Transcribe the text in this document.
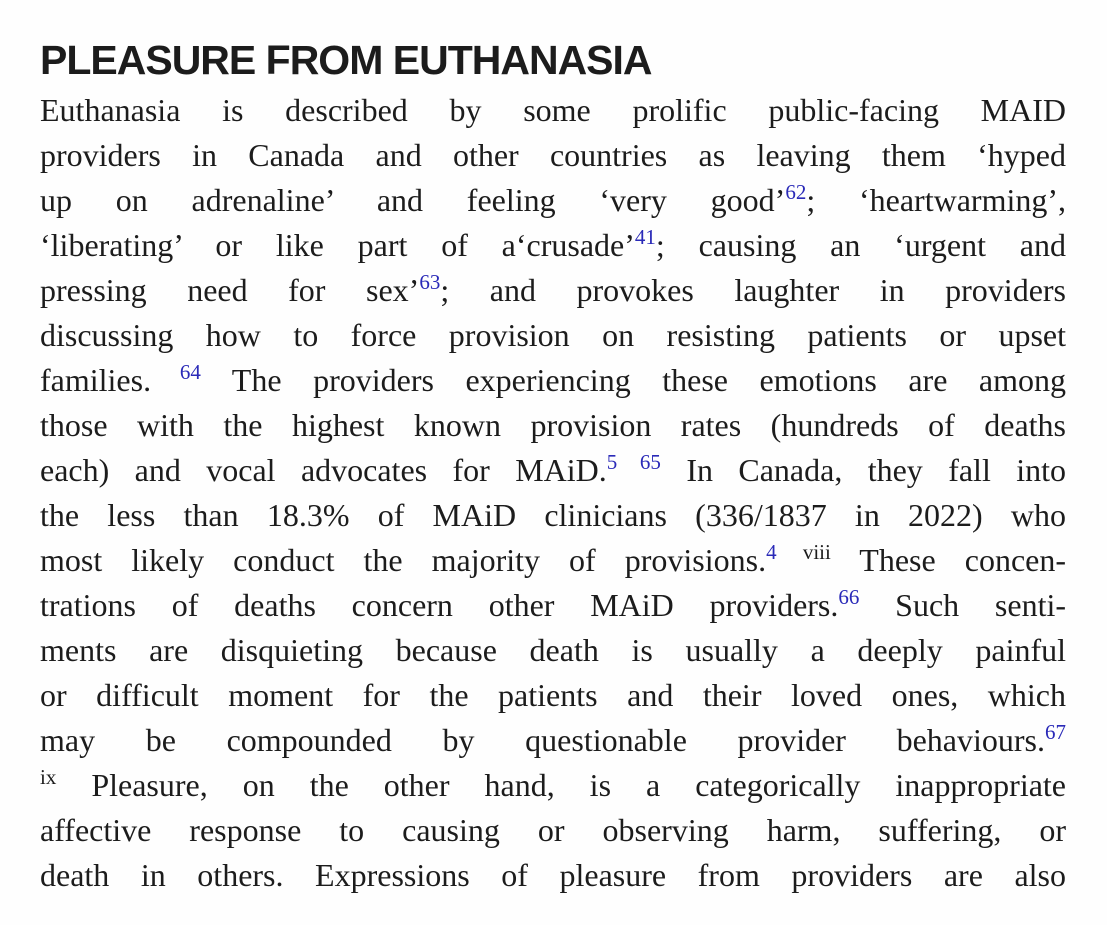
PLEASURE FROM EUTHANASIA
Euthanasia is described by some prolific public-facing MAID
providers in Canada and other countries as leaving them ‘hyped
up on adrenaline’ and feeling ‘very good’$^{62}$; ‘heartwarming’,
‘liberating’ or like part of a‘crusade’$^{41}$; causing an ‘urgent and
pressing need for sex’$^{63}$; and provokes laughter in providers
discussing how to force provision on resisting patients or upset
families. $^{64}$ The providers experiencing these emotions are among
those with the highest known provision rates (hundreds of deaths
each) and vocal advocates for MAiD.$^{5 65}$ In Canada, they fall into
the less than 18.3% of MAiD clinicians (336/1837 in 2022) who
most likely conduct the majority of provisions.$^4$ $^{viii}$ These concen-
trations of deaths concern other MAiD providers.$^{66}$ Such senti-
ments are disquieting because death is usually a deeply painful
or difficult moment for the patients and their loved ones, which
may be compounded by questionable provider behaviours.$^{67}$
$^{ix}$ Pleasure, on the other hand, is a categorically inappropriate
affective response to causing or observing harm, suffering, or
death in others. Expressions of pleasure from providers are also
